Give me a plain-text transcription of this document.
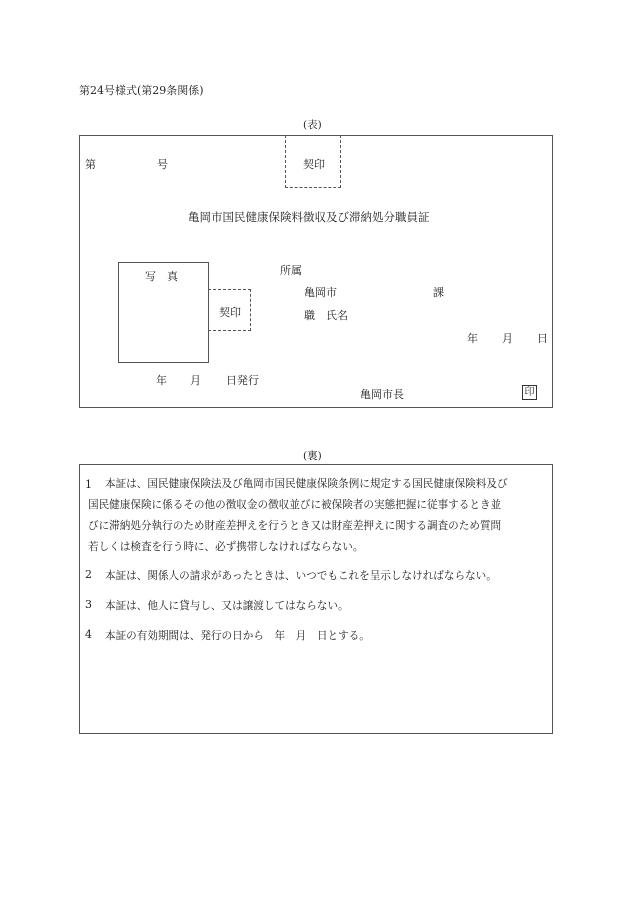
第24号様式(第29条関係)
(表)
第	号	契印
亀岡市国民健康保険料徴収及び滞納処分職員証
写　真
契印
所属
亀岡市	課
職　氏名
年 月 日
年 月 日発行
亀岡市長	印
(裏)
1 本証は、国民健康保険法及び亀岡市国民健康保険条例に規定する国民健康保険料及び
国民健康保険に係るその他の徴収金の徴収並びに被保険者の実態把握に従事するとき並
びに滞納処分執行のため財産差押えを行うとき又は財産差押えに関する調査のため質問
若しくは検査を行う時に、必ず携帯しなければならない。
2 本証は、関係人の請求があったときは、いつでもこれを呈示しなければならない。
3 本証は、他人に貸与し、又は譲渡してはならない。
4 本証の有効期間は、発行の日から　年　月　日とする。
